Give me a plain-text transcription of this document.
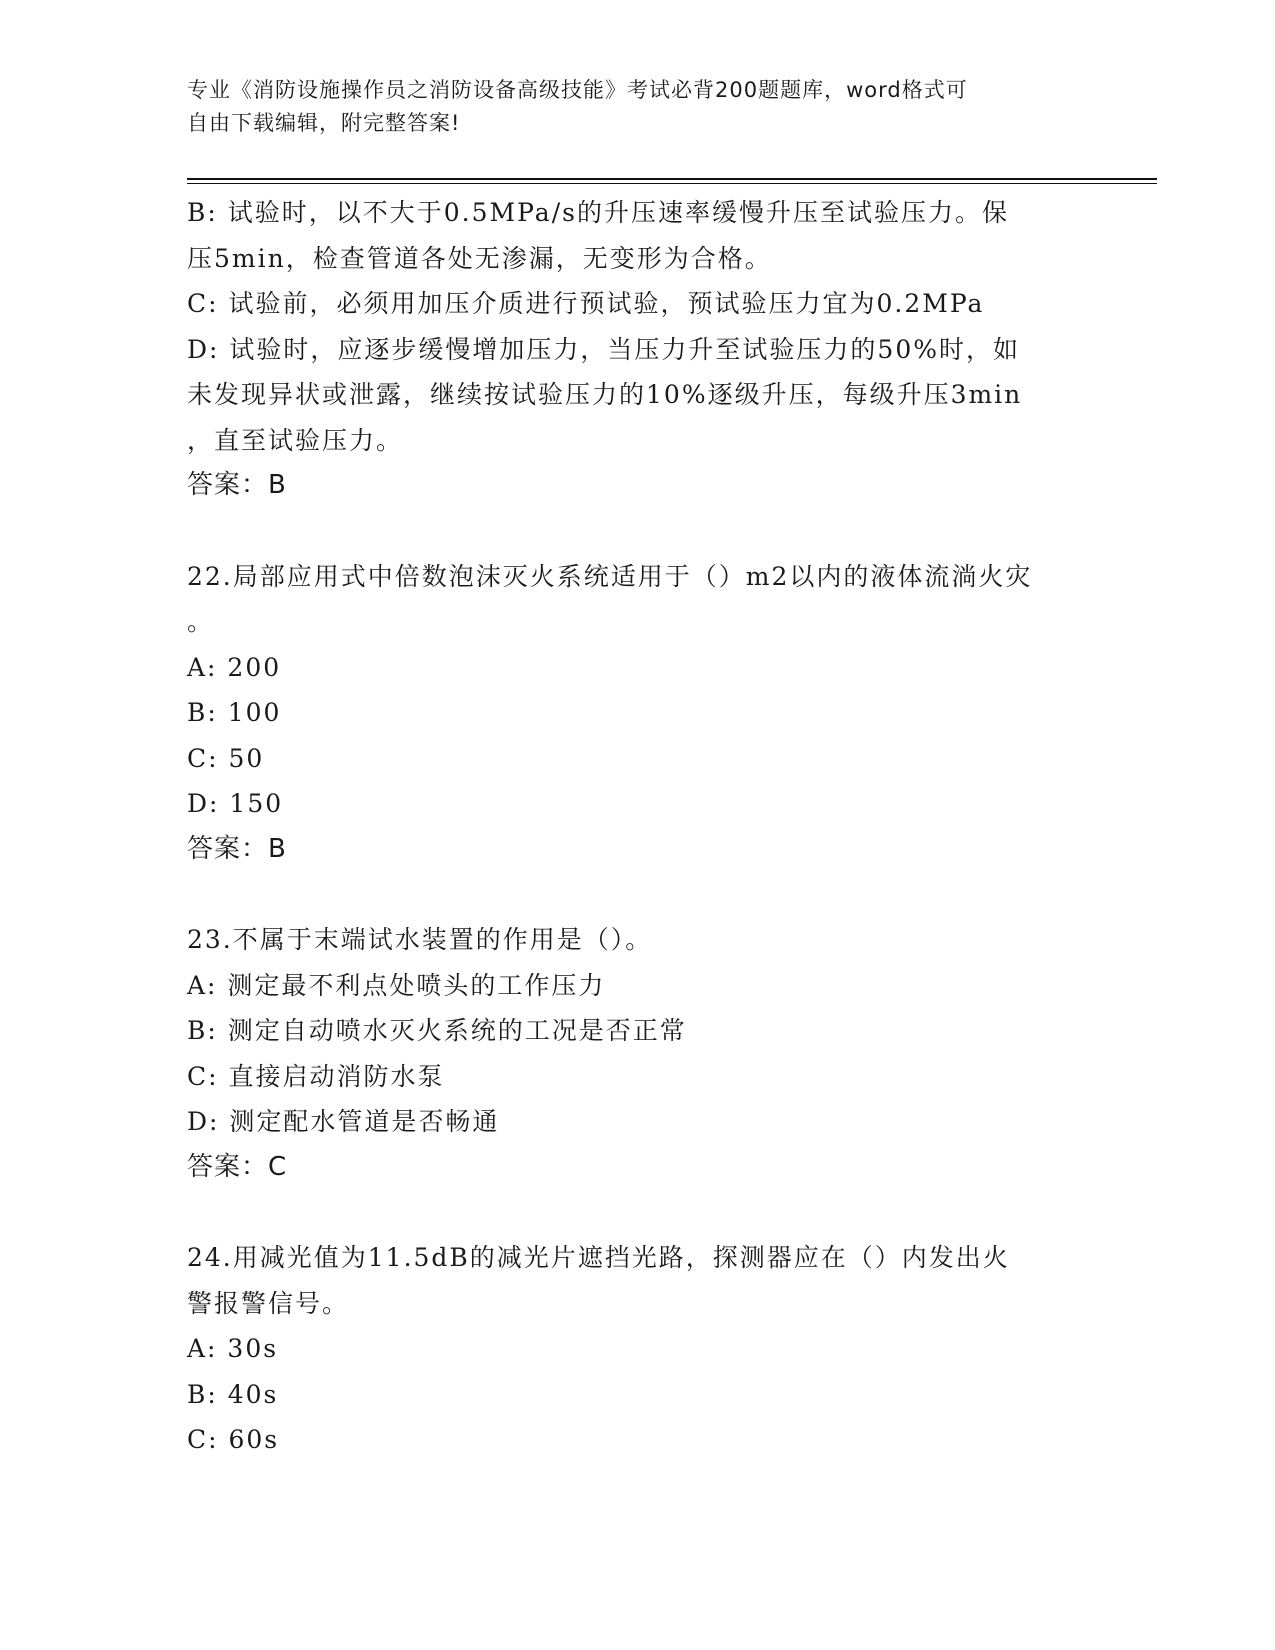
专业《消防设施操作员之消防设备高级技能》考试必背200题题库，word格式可
自由下载编辑，附完整答案!
B: 试验时，以不大于0.5MPa/s的升压速率缓慢升压至试验压力。保
压5min，检查管道各处无渗漏，无变形为合格。
C: 试验前，必须用加压介质进行预试验，预试验压力宜为0.2MPa
D: 试验时，应逐步缓慢增加压力，当压力升至试验压力的50%时，如
未发现异状或泄露，继续按试验压力的10%逐级升压，每级升压3min
，直至试验压力。
答案：B
22.局部应用式中倍数泡沫灭火系统适用于（）m2以内的液体流淌火灾
。
A: 200
B: 100
C: 50
D: 150
答案：B
23.不属于末端试水装置的作用是（）。
A: 测定最不利点处喷头的工作压力
B: 测定自动喷水灭火系统的工况是否正常
C: 直接启动消防水泵
D: 测定配水管道是否畅通
答案：C
24.用减光值为11.5dB的减光片遮挡光路，探测器应在（）内发出火
警报警信号。
A: 30s
B: 40s
C: 60s
